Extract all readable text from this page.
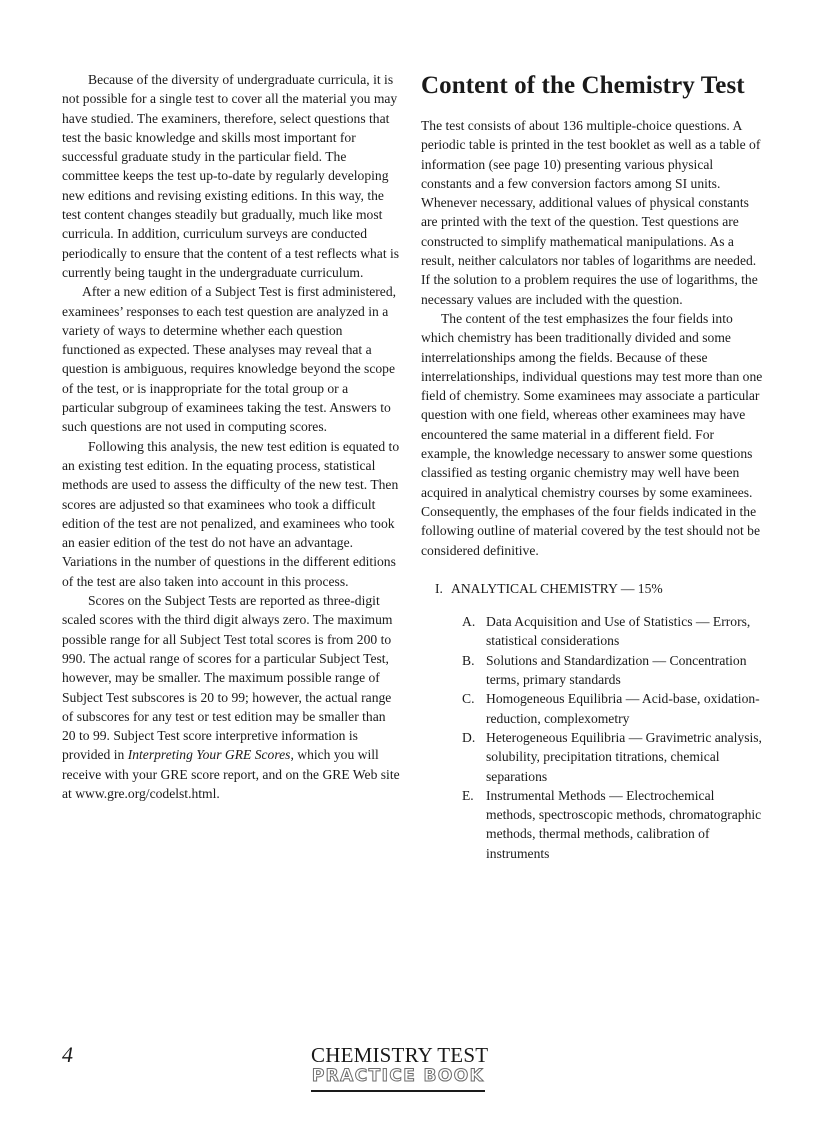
Because of the diversity of undergraduate curricula, it is not possible for a single test to cover all the material you may have studied. The examiners, therefore, select questions that test the basic knowledge and skills most important for successful graduate study in the particular field. The committee keeps the test up-to-date by regularly developing new editions and revising existing editions. In this way, the test content changes steadily but gradually, much like most curricula. In addition, curriculum surveys are conducted periodically to ensure that the content of a test reflects what is currently being taught in the undergraduate curriculum.

After a new edition of a Subject Test is first administered, examinees’ responses to each test question are analyzed in a variety of ways to determine whether each question functioned as expected. These analyses may reveal that a question is ambiguous, requires knowledge beyond the scope of the test, or is inappropriate for the total group or a particular subgroup of examinees taking the test. Answers to such questions are not used in computing scores.

Following this analysis, the new test edition is equated to an existing test edition. In the equating process, statistical methods are used to assess the difficulty of the new test. Then scores are adjusted so that examinees who took a difficult edition of the test are not penalized, and examinees who took an easier edition of the test do not have an advantage. Variations in the number of questions in the different editions of the test are also taken into account in this process.

Scores on the Subject Tests are reported as three-digit scaled scores with the third digit always zero. The maximum possible range for all Subject Test total scores is from 200 to 990. The actual range of scores for a particular Subject Test, however, may be smaller. The maximum possible range of Subject Test subscores is 20 to 99; however, the actual range of subscores for any test or test edition may be smaller than 20 to 99. Subject Test score interpretive information is provided in Interpreting Your GRE Scores, which you will receive with your GRE score report, and on the GRE Web site at www.gre.org/codelst.html.

Content of the Chemistry Test

The test consists of about 136 multiple-choice questions. A periodic table is printed in the test booklet as well as a table of information (see page 10) presenting various physical constants and a few conversion factors among SI units. Whenever necessary, additional values of physical constants are printed with the text of the question. Test questions are constructed to simplify mathematical manipulations. As a result, neither calculators nor tables of logarithms are needed. If the solution to a problem requires the use of logarithms, the necessary values are included with the question.

The content of the test emphasizes the four fields into which chemistry has been traditionally divided and some interrelationships among the fields. Because of these interrelationships, individual questions may test more than one field of chemistry. Some examinees may associate a particular question with one field, whereas other examinees may have encountered the same material in a different field. For example, the knowledge necessary to answer some questions classified as testing organic chemistry may well have been acquired in analytical chemistry courses by some examinees. Consequently, the emphases of the four fields indicated in the following outline of material covered by the test should not be considered definitive.

I. ANALYTICAL CHEMISTRY — 15%
A. Data Acquisition and Use of Statistics — Errors, statistical considerations
B. Solutions and Standardization — Concentration terms, primary standards
C. Homogeneous Equilibria — Acid-base, oxidation-reduction, complexometry
D. Heterogeneous Equilibria — Gravimetric analysis, solubility, precipitation titrations, chemical separations
E. Instrumental Methods — Electrochemical methods, spectroscopic methods, chromatographic methods, thermal methods, calibration of instruments
4	CHEMISTRY TEST
PRACTICE BOOK
